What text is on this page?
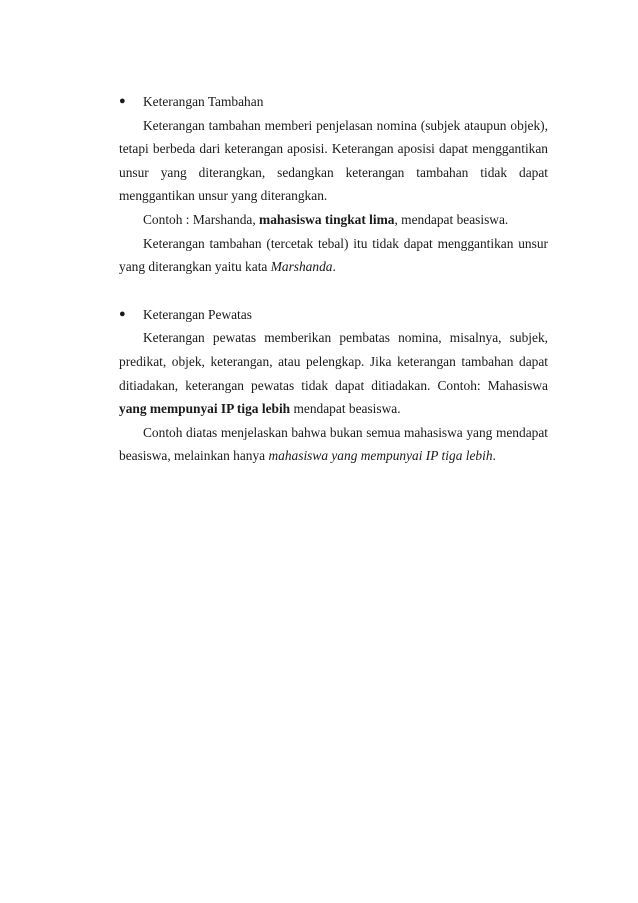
●	Keterangan Tambahan

Keterangan tambahan memberi penjelasan nomina (subjek ataupun objek), tetapi berbeda dari keterangan aposisi. Keterangan aposisi dapat menggantikan unsur yang diterangkan, sedangkan keterangan tambahan tidak dapat menggantikan unsur yang diterangkan.

Contoh : Marshanda, mahasiswa tingkat lima, mendapat beasiswa.

Keterangan tambahan (tercetak tebal) itu tidak dapat menggantikan unsur yang diterangkan yaitu kata Marshanda.

●	Keterangan Pewatas

Keterangan pewatas memberikan pembatas nomina, misalnya, subjek, predikat, objek, keterangan, atau pelengkap. Jika keterangan tambahan dapat ditiadakan, keterangan pewatas tidak dapat ditiadakan. Contoh: Mahasiswa yang mempunyai IP tiga lebih mendapat beasiswa.

Contoh diatas menjelaskan bahwa bukan semua mahasiswa yang mendapat beasiswa, melainkan hanya mahasiswa yang mempunyai IP tiga lebih.
